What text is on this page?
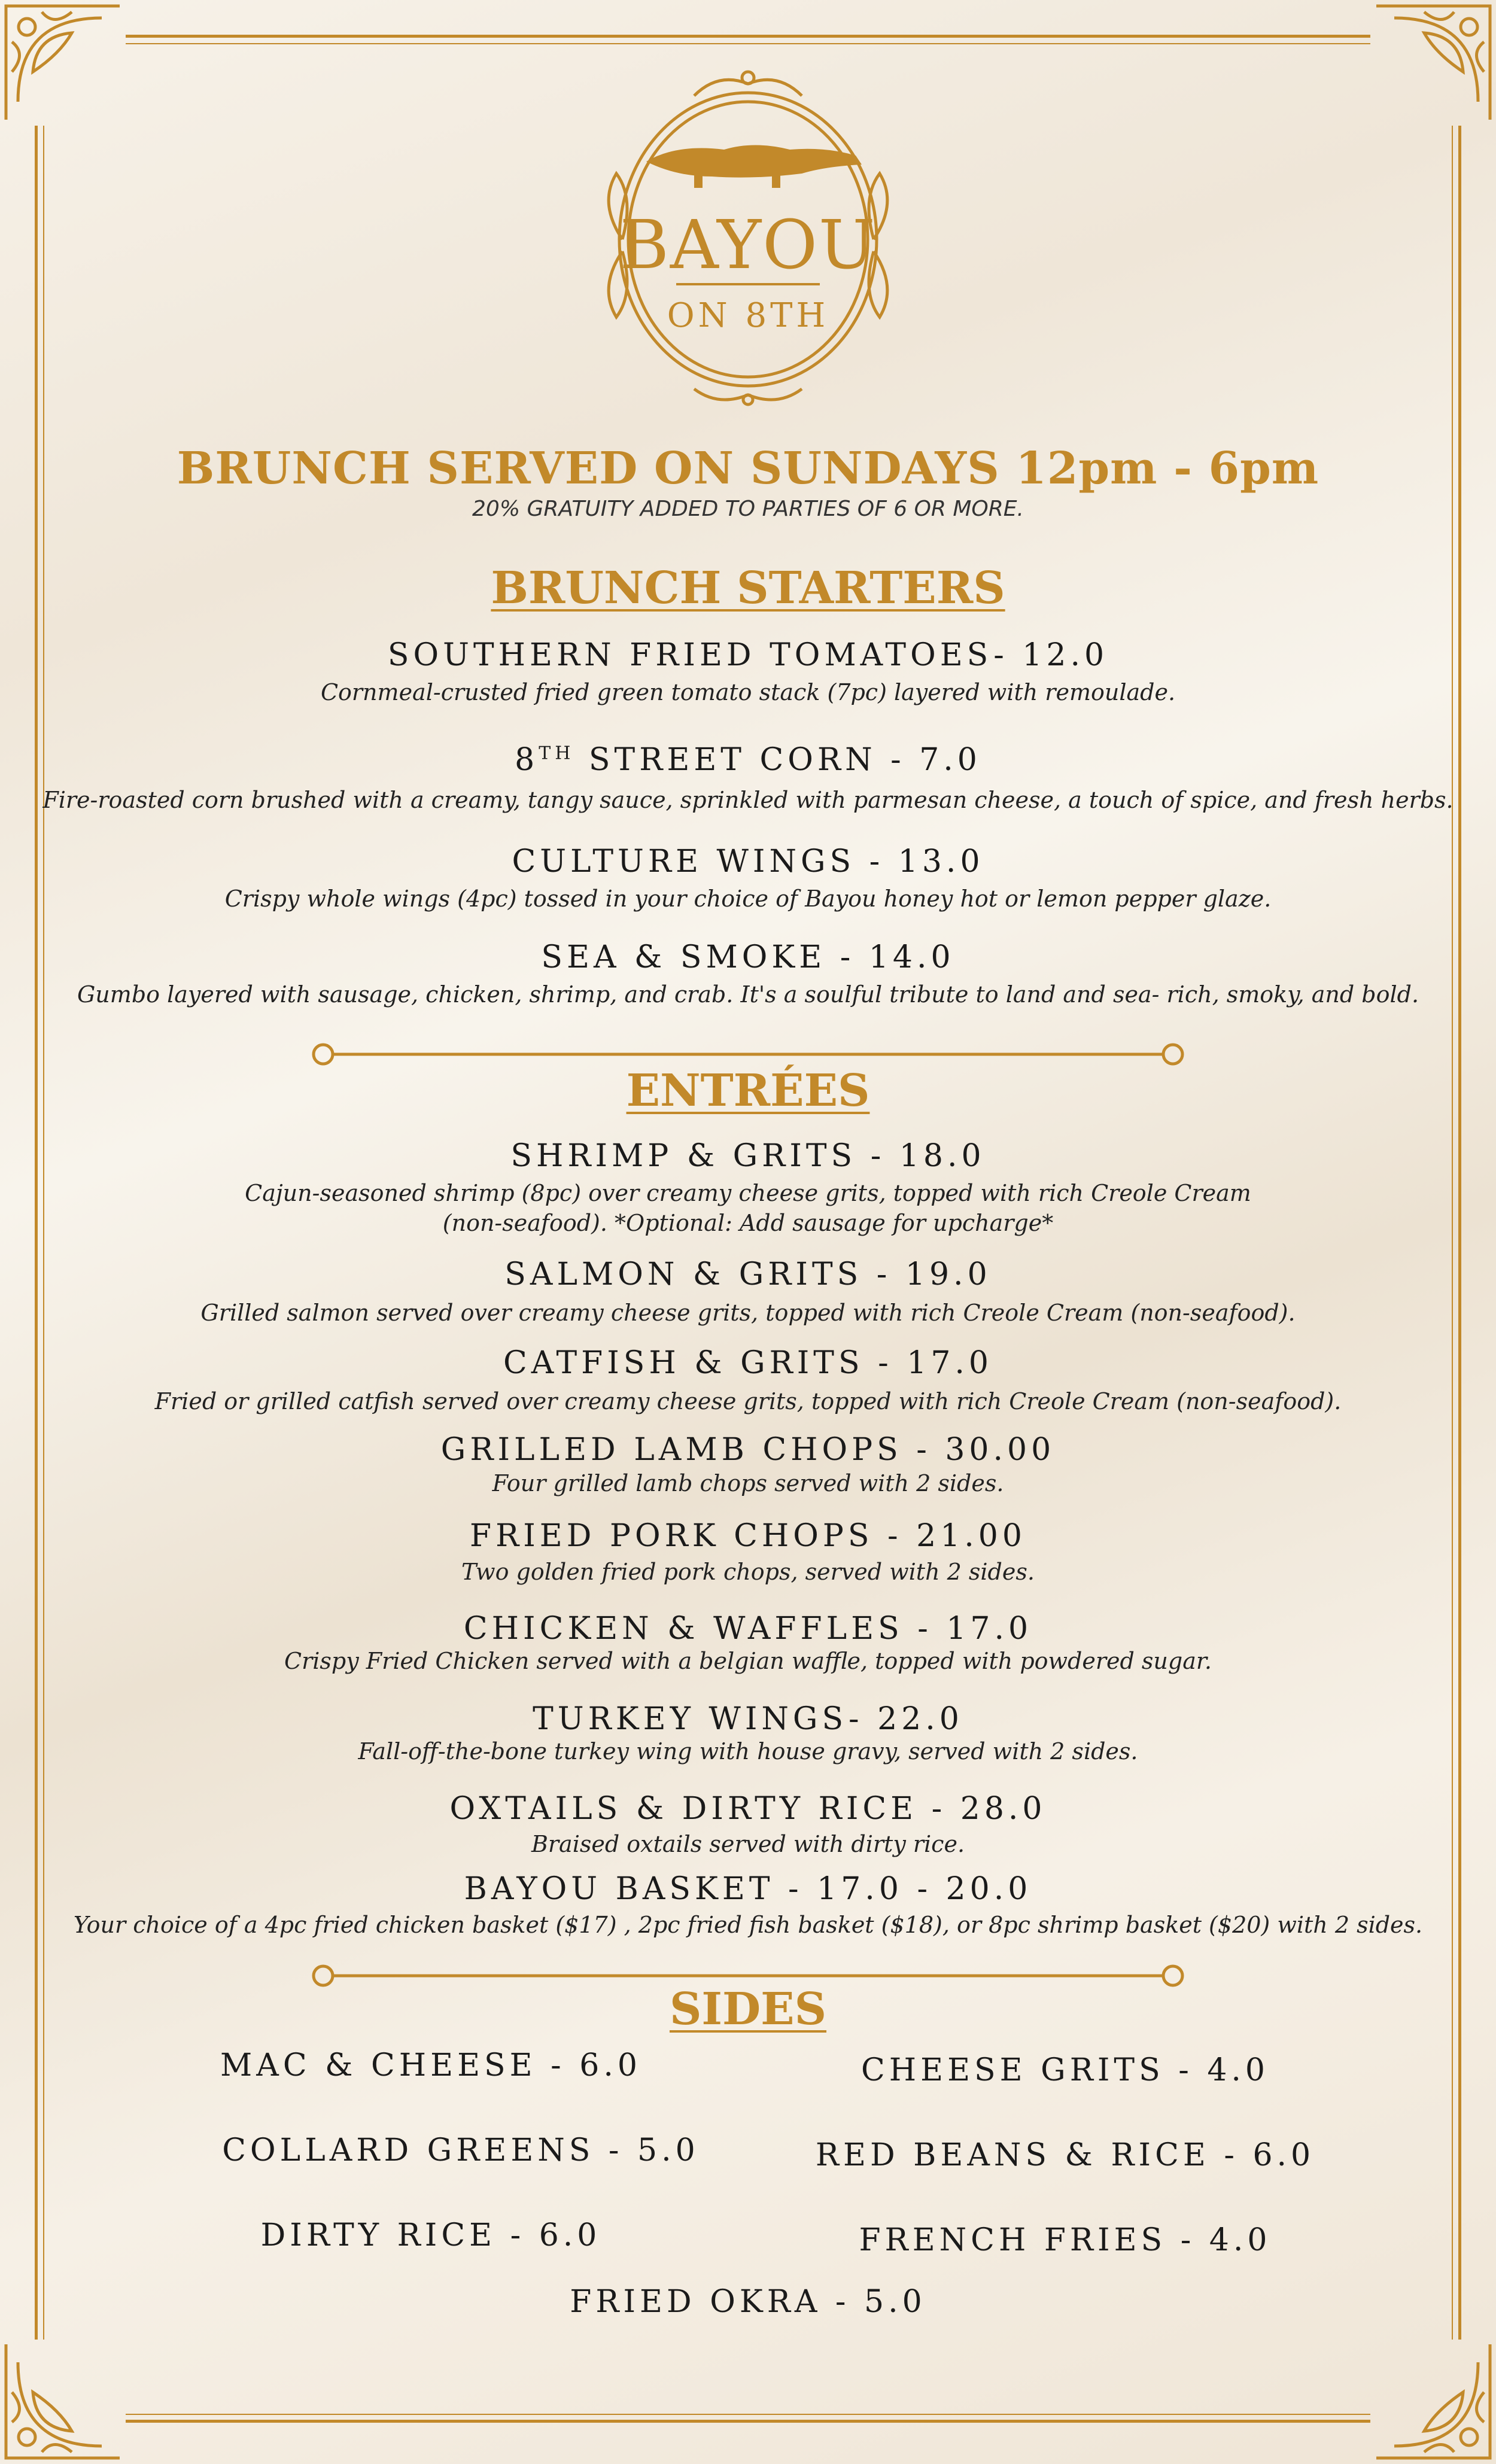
BAYOU
ON 8TH
BRUNCH SERVED ON SUNDAYS 12pm - 6pm
20% GRATUITY ADDED TO PARTIES OF 6 OR MORE.
BRUNCH STARTERS
SOUTHERN FRIED TOMATOES- 12.0
Cornmeal-crusted fried green tomato stack (7pc) layered with remoulade.
8TH STREET CORN - 7.0
Fire-roasted corn brushed with a creamy, tangy sauce, sprinkled with parmesan cheese, a touch of spice, and fresh herbs.
CULTURE WINGS - 13.0
Crispy whole wings (4pc) tossed in your choice of Bayou honey hot or lemon pepper glaze.
SEA & SMOKE - 14.0
Gumbo layered with sausage, chicken, shrimp, and crab. It's a soulful tribute to land and sea- rich, smoky, and bold.
ENTRÉES
SHRIMP & GRITS - 18.0
Cajun-seasoned shrimp (8pc) over creamy cheese grits, topped with rich Creole Cream
(non-seafood). *Optional: Add sausage for upcharge*
SALMON & GRITS - 19.0
Grilled salmon served over creamy cheese grits, topped with rich Creole Cream (non-seafood).
CATFISH & GRITS - 17.0
Fried or grilled catfish served over creamy cheese grits, topped with rich Creole Cream (non-seafood).
GRILLED LAMB CHOPS - 30.00
Four grilled lamb chops served with 2 sides.
FRIED PORK CHOPS - 21.00
Two golden fried pork chops, served with 2 sides.
CHICKEN & WAFFLES - 17.0
Crispy Fried Chicken served with a belgian waffle, topped with powdered sugar.
TURKEY WINGS- 22.0
Fall-off-the-bone turkey wing with house gravy, served with 2 sides.
OXTAILS & DIRTY RICE - 28.0
Braised oxtails served with dirty rice.
BAYOU BASKET - 17.0 - 20.0
Your choice of a 4pc fried chicken basket ($17) , 2pc fried fish basket ($18), or 8pc shrimp basket ($20) with 2 sides.
SIDES
MAC & CHEESE - 6.0	CHEESE GRITS - 4.0
COLLARD GREENS - 5.0	RED BEANS & RICE - 6.0
DIRTY RICE - 6.0	FRENCH FRIES - 4.0
FRIED OKRA - 5.0
